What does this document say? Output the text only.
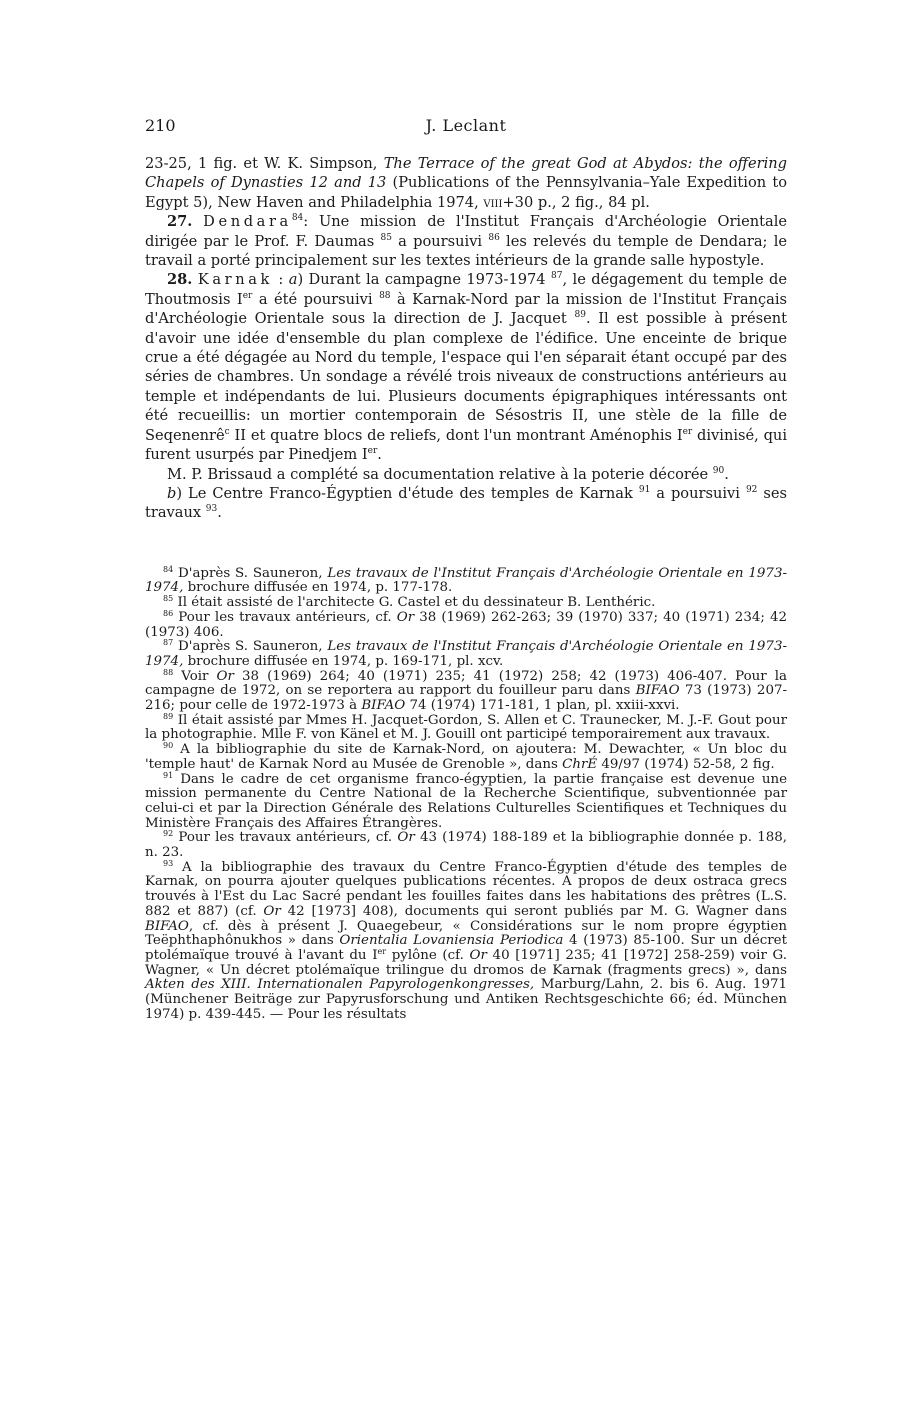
210	J. Leclant

23-25, 1 fig. et W. K. Simpson, The Terrace of the great God at Abydos: the offering Chapels of Dynasties 12 and 13 (Publications of the Pennsylvania–Yale Expedition to Egypt 5), New Haven and Philadelphia 1974, viii+30 p., 2 fig., 84 pl.

27. Dendara$^{84}$: Une mission de l'Institut Français d'Archéologie Orientale dirigée par le Prof. F. Daumas $^{85}$ a poursuivi $^{86}$ les relevés du temple de Dendara; le travail a porté principalement sur les textes intérieurs de la grande salle hypostyle.

28. Karnak : a) Durant la campagne 1973-1974 $^{87}$, le dégagement du temple de Thoutmosis Ier a été poursuivi $^{88}$ à Karnak-Nord par la mission de l'Institut Français d'Archéologie Orientale sous la direction de J. Jacquet $^{89}$. Il est possible à présent d'avoir une idée d'ensemble du plan complexe de l'édifice. Une enceinte de brique crue a été dégagée au Nord du temple, l'espace qui l'en séparait étant occupé par des séries de chambres. Un sondage a révélé trois niveaux de constructions antérieurs au temple et indépendants de lui. Plusieurs documents épigraphiques intéressants ont été recueillis: un mortier contemporain de Sésostris II, une stèle de la fille de Seqenenrê$^c$ II et quatre blocs de reliefs, dont l'un montrant Aménophis Ier divinisé, qui furent usurpés par Pinedjem Ier.

M. P. Brissaud a complété sa documentation relative à la poterie décorée $^{90}$.

b) Le Centre Franco-Égyptien d'étude des temples de Karnak $^{91}$ a poursuivi $^{92}$ ses travaux $^{93}$.

$^{84}$ D'après S. Sauneron, Les travaux de l'Institut Français d'Archéologie Orientale en 1973-1974, brochure diffusée en 1974, p. 177-178.

$^{85}$ Il était assisté de l'architecte G. Castel et du dessinateur B. Lenthéric.

$^{86}$ Pour les travaux antérieurs, cf. Or 38 (1969) 262-263; 39 (1970) 337; 40 (1971) 234; 42 (1973) 406.

$^{87}$ D'après S. Sauneron, Les travaux de l'Institut Français d'Archéologie Orientale en 1973-1974, brochure diffusée en 1974, p. 169-171, pl. xcv.

$^{88}$ Voir Or 38 (1969) 264; 40 (1971) 235; 41 (1972) 258; 42 (1973) 406-407. Pour la campagne de 1972, on se reportera au rapport du fouilleur paru dans BIFAO 73 (1973) 207-216; pour celle de 1972-1973 à BIFAO 74 (1974) 171-181, 1 plan, pl. xxiii-xxvi.

$^{89}$ Il était assisté par Mmes H. Jacquet-Gordon, S. Allen et C. Traunecker, M. J.-F. Gout pour la photographie. Mlle F. von Känel et M. J. Gouill ont participé temporairement aux travaux.

$^{90}$ A la bibliographie du site de Karnak-Nord, on ajoutera: M. Dewachter, « Un bloc du 'temple haut' de Karnak Nord au Musée de Grenoble », dans ChrÉ 49/97 (1974) 52-58, 2 fig.

$^{91}$ Dans le cadre de cet organisme franco-égyptien, la partie française est devenue une mission permanente du Centre National de la Recherche Scientifique, subventionnée par celui-ci et par la Direction Générale des Relations Culturelles Scientifiques et Techniques du Ministère Français des Affaires Étrangères.

$^{92}$ Pour les travaux antérieurs, cf. Or 43 (1974) 188-189 et la bibliographie donnée p. 188, n. 23.

$^{93}$ A la bibliographie des travaux du Centre Franco-Égyptien d'étude des temples de Karnak, on pourra ajouter quelques publications récentes. A propos de deux ostraca grecs trouvés à l'Est du Lac Sacré pendant les fouilles faites dans les habitations des prêtres (L.S. 882 et 887) (cf. Or 42 [1973] 408), documents qui seront publiés par M. G. Wagner dans BIFAO, cf. dès à présent J. Quaegebeur, « Considérations sur le nom propre égyptien Teëphthaphônukhos » dans Orientalia Lovaniensia Periodica 4 (1973) 85-100. Sur un décret ptolémaïque trouvé à l'avant du Ier pylône (cf. Or 40 [1971] 235; 41 [1972] 258-259) voir G. Wagner, « Un décret ptolémaïque trilingue du dromos de Karnak (fragments grecs) », dans Akten des XIII. Internationalen Papyrologenkongresses, Marburg/Lahn, 2. bis 6. Aug. 1971 (Münchener Beiträge zur Papyrusforschung und Antiken Rechtsgeschichte 66; éd. München 1974) p. 439-445. — Pour les résultats
